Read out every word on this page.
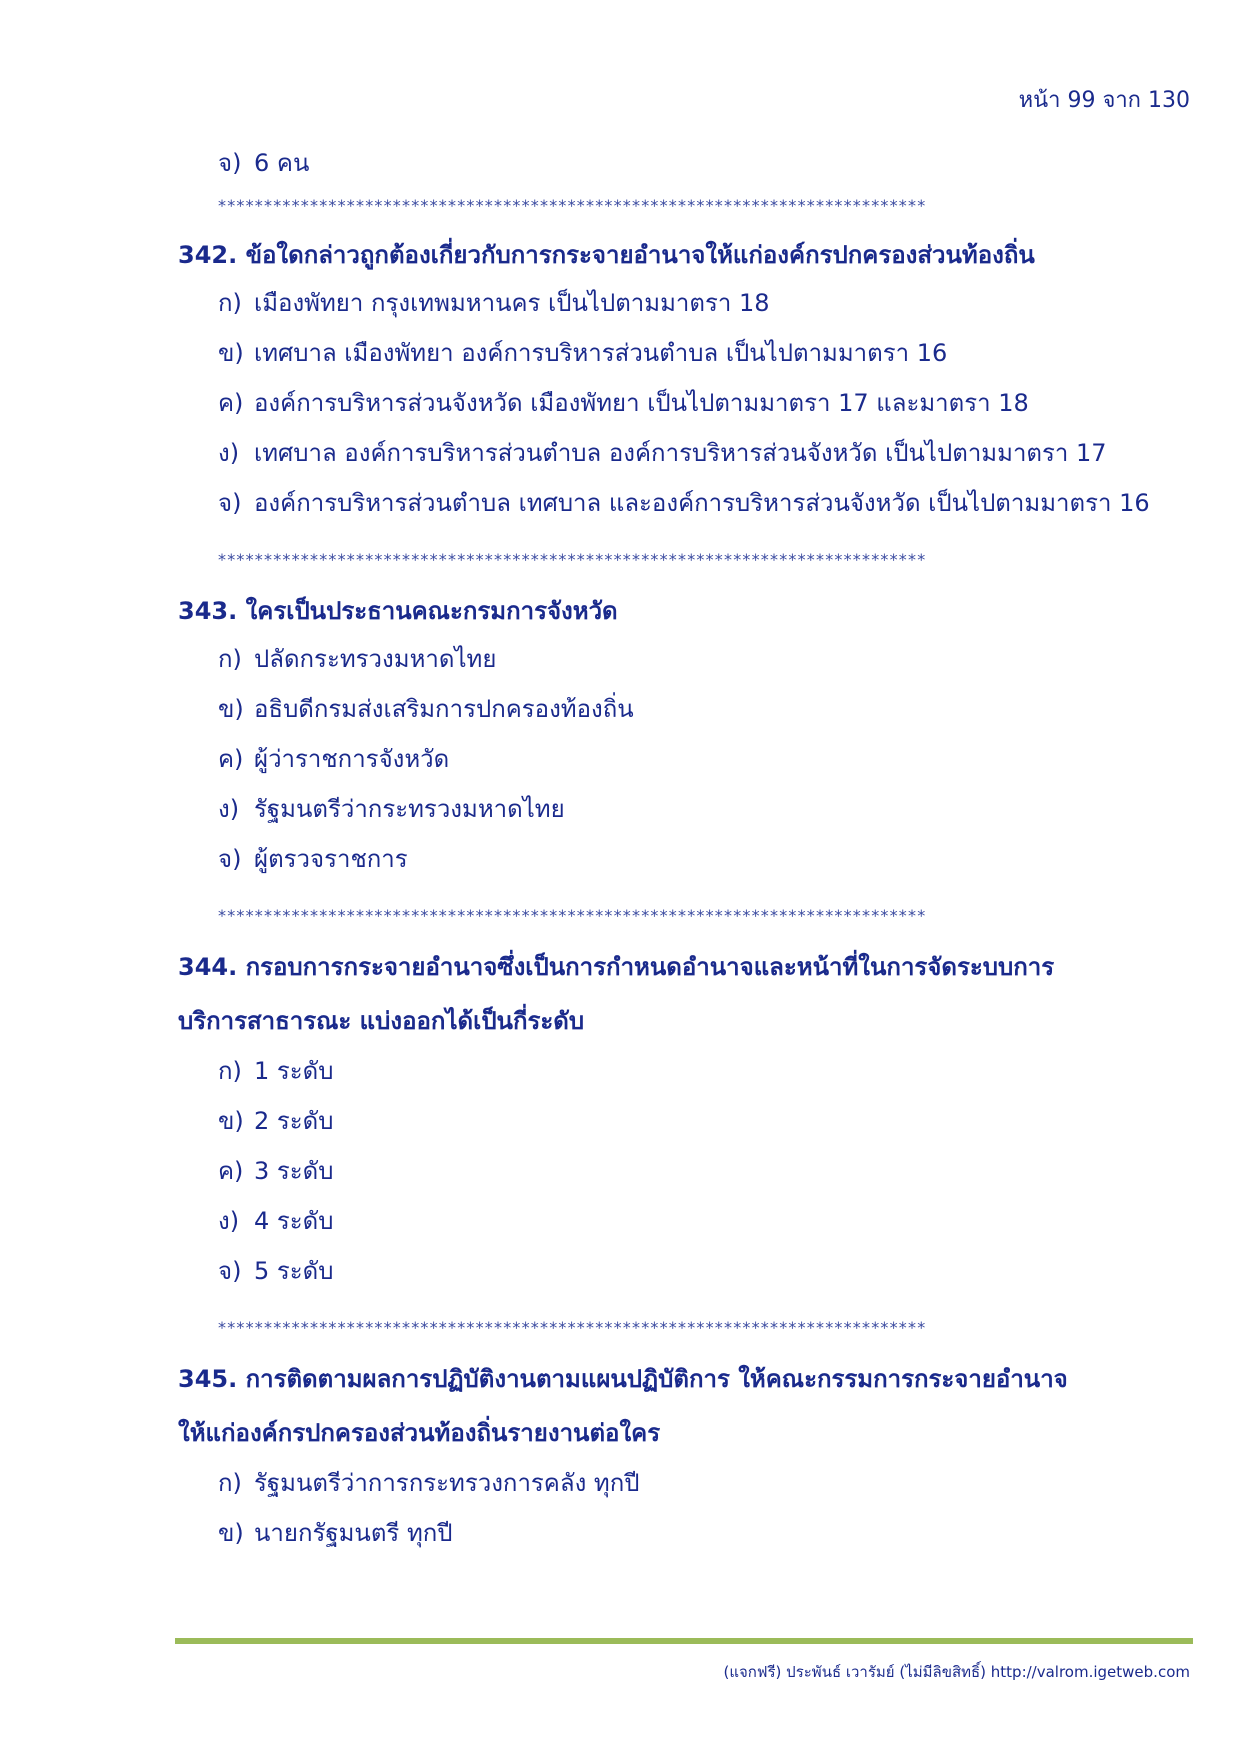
หน้า 99 จาก 130
จ) 6 คน
*****************************************************************************
342. ข้อใดกล่าวถูกต้องเกี่ยวกับการกระจายอำนาจให้แก่องค์กรปกครองส่วนท้องถิ่น
ก) เมืองพัทยา กรุงเทพมหานคร เป็นไปตามมาตรา 18
ข) เทศบาล เมืองพัทยา องค์การบริหารส่วนตำบล เป็นไปตามมาตรา 16
ค) องค์การบริหารส่วนจังหวัด เมืองพัทยา เป็นไปตามมาตรา 17 และมาตรา 18
ง) เทศบาล องค์การบริหารส่วนตำบล องค์การบริหารส่วนจังหวัด เป็นไปตามมาตรา 17
จ) องค์การบริหารส่วนตำบล เทศบาล และองค์การบริหารส่วนจังหวัด เป็นไปตามมาตรา 16
*****************************************************************************
343. ใครเป็นประธานคณะกรมการจังหวัด
ก) ปลัดกระทรวงมหาดไทย
ข) อธิบดีกรมส่งเสริมการปกครองท้องถิ่น
ค) ผู้ว่าราชการจังหวัด
ง) รัฐมนตรีว่ากระทรวงมหาดไทย
จ) ผู้ตรวจราชการ
*****************************************************************************
344. กรอบการกระจายอำนาจซึ่งเป็นการกำหนดอำนาจและหน้าที่ในการจัดระบบการ
บริการสาธารณะ แบ่งออกได้เป็นกี่ระดับ
ก) 1 ระดับ
ข) 2 ระดับ
ค) 3 ระดับ
ง) 4 ระดับ
จ) 5 ระดับ
*****************************************************************************
345. การติดตามผลการปฏิบัติงานตามแผนปฏิบัติการ ให้คณะกรรมการกระจายอำนาจ
ให้แก่องค์กรปกครองส่วนท้องถิ่นรายงานต่อใคร
ก) รัฐมนตรีว่าการกระทรวงการคลัง ทุกปี
ข) นายกรัฐมนตรี ทุกปี
(แจกฟรี) ประพันธ์ เวารัมย์ (ไม่มีลิขสิทธิ์) http://valrom.igetweb.com
